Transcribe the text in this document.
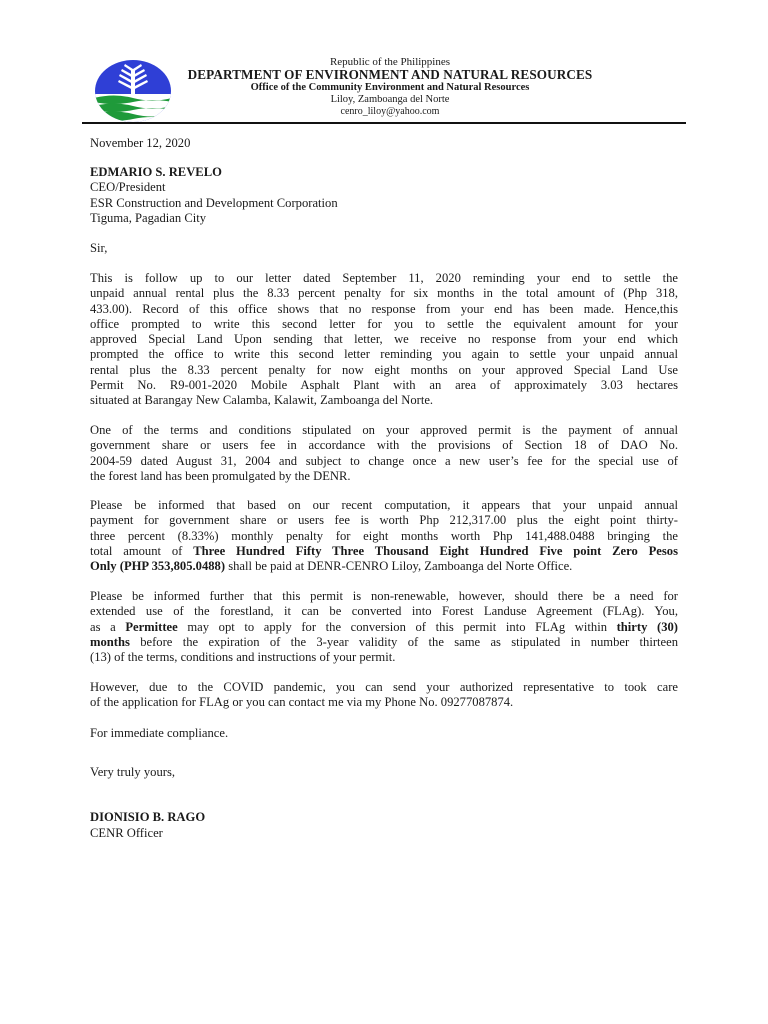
Republic of the Philippines
DEPARTMENT OF ENVIRONMENT AND NATURAL RESOURCES
Office of the Community Environment and Natural Resources
Liloy, Zamboanga del Norte
cenro_liloy@yahoo.com
November 12, 2020
EDMARIO S. REVELO
CEO/President
ESR Construction and Development Corporation
Tiguma, Pagadian City
Sir,
This is follow up to our letter dated September 11, 2020 reminding your end to settle the
unpaid annual rental plus the 8.33 percent penalty for six months in the total amount of (Php 318,
433.00). Record of this office shows that no response from your end has been made. Hence,this
office prompted to write this second letter for you to settle the equivalent amount for your
approved Special Land Upon sending that letter, we receive no response from your end which
prompted the office to write this second letter reminding you again to settle your unpaid annual
rental plus the 8.33 percent penalty for now eight months on your approved Special Land Use
Permit No. R9-001-2020 Mobile Asphalt Plant with an area of approximately 3.03 hectares
situated at Barangay New Calamba, Kalawit, Zamboanga del Norte.
One of the terms and conditions stipulated on your approved permit is the payment of annual
government share or users fee in accordance with the provisions of Section 18 of DAO No.
2004-59 dated August 31, 2004 and subject to change once a new user’s fee for the special use of
the forest land has been promulgated by the DENR.
Please be informed that based on our recent computation, it appears that your unpaid annual
payment for government share or users fee is worth Php 212,317.00 plus the eight point thirty-
three percent (8.33%) monthly penalty for eight months worth Php 141,488.0488 bringing the
total amount of Three Hundred Fifty Three Thousand Eight Hundred Five point Zero Pesos
Only (PHP 353,805.0488) shall be paid at DENR-CENRO Liloy, Zamboanga del Norte Office.
Please be informed further that this permit is non-renewable, however, should there be a need for
extended use of the forestland, it can be converted into Forest Landuse Agreement (FLAg). You,
as a Permittee may opt to apply for the conversion of this permit into FLAg within thirty (30)
months before the expiration of the 3-year validity of the same as stipulated in number thirteen
(13) of the terms, conditions and instructions of your permit.
However, due to the COVID pandemic, you can send your authorized representative to took care
of the application for FLAg or you can contact me via my Phone No. 09277087874.
For immediate compliance.
Very truly yours,
DIONISIO B. RAGO
CENR Officer
